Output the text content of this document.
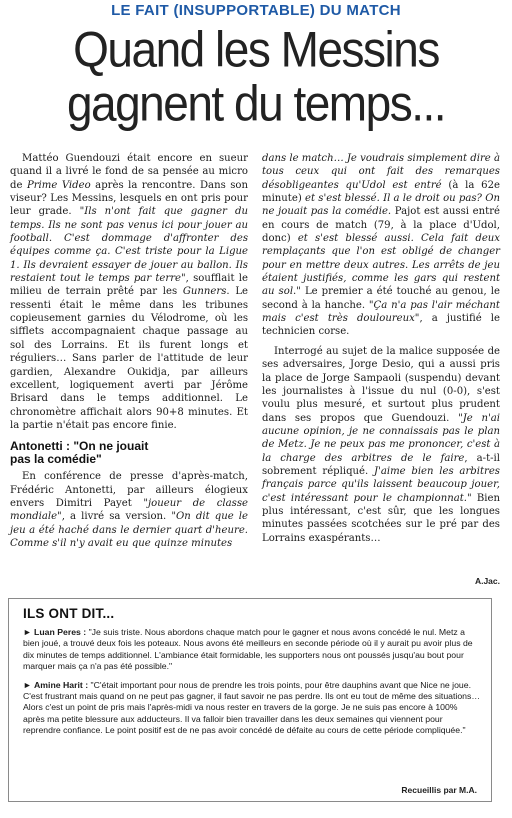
LE FAIT (INSUPPORTABLE) DU MATCH
Quand les Messins
gagnent du temps...

Mattéo Guendouzi était encore en sueur quand il a livré le fond de sa pensée au micro de Prime Video après la rencontre. Dans son viseur? Les Messins, lesquels en ont pris pour leur grade. "Ils n'ont fait que gagner du temps. Ils ne sont pas venus ici pour jouer au football. C'est dommage d'affronter des équipes comme ça. C'est triste pour la Ligue 1. Ils devraient essayer de jouer au ballon. Ils restaient tout le temps par terre", soufflait le milieu de terrain prêté par les Gunners. Le ressenti était le même dans les tribunes copieusement garnies du Vélodrome, où les sifflets accompagnaient chaque passage au sol des Lorrains. Et ils furent longs et réguliers… Sans parler de l'attitude de leur gardien, Alexandre Oukidja, par ailleurs excellent, logiquement averti par Jérôme Brisard dans le temps additionnel. Le chronomètre affichait alors 90+8 minutes. Et la partie n'était pas encore finie.

Antonetti : "On ne jouait
pas la comédie"

En conférence de presse d'après-match, Frédéric Antonetti, par ailleurs élogieux envers Dimitri Payet "joueur de classe mondiale", a livré sa version. "On dit que le jeu a été haché dans le dernier quart d'heure. Comme s'il n'y avait eu que quinze minutes

dans le match… Je voudrais simplement dire à tous ceux qui ont fait des remarques désobligeantes qu'Udol est entré (à la 62e minute) et s'est blessé. Il a le droit ou pas? On ne jouait pas la comédie. Pajot est aussi entré en cours de match (79, à la place d'Udol, donc) et s'est blessé aussi. Cela fait deux remplaçants que l'on est obligé de changer pour en mettre deux autres. Les arrêts de jeu étaient justifiés, comme les gars qui restent au sol." Le premier a été touché au genou, le second à la hanche. "Ça n'a pas l'air méchant mais c'est très douloureux", a justifié le technicien corse.

Interrogé au sujet de la malice supposée de ses adversaires, Jorge Desio, qui a aussi pris la place de Jorge Sampaoli (suspendu) devant les journalistes à l'issue du nul (0-0), s'est voulu plus mesuré, et surtout plus prudent dans ses propos que Guendouzi. "Je n'ai aucune opinion, je ne connaissais pas le plan de Metz. Je ne peux pas me prononcer, c'est à la charge des arbitres de le faire, a-t-il sobrement répliqué. J'aime bien les arbitres français parce qu'ils laissent beaucoup jouer, c'est intéressant pour le championnat." Bien plus intéressant, c'est sûr, que les longues minutes passées scotchées sur le pré par des Lorrains exaspérants…

A.Jac.
ILS ONT DIT...

► Luan Peres : "Je suis triste. Nous abordons chaque match pour le gagner et nous avons concédé le nul. Metz a bien joué, a trouvé deux fois les poteaux. Nous avons été meilleurs en seconde période où il y aurait pu avoir plus de dix minutes de temps additionnel. L'ambiance était formidable, les supporters nous ont poussés jusqu'au bout pour marquer mais ça n'a pas été possible."

► Amine Harit : "C'était important pour nous de prendre les trois points, pour être dauphins avant que Nice ne joue. C'est frustrant mais quand on ne peut pas gagner, il faut savoir ne pas perdre. Ils ont eu tout de même des situations… Alors c'est un point de pris mais l'après-midi va nous rester en travers de la gorge. Je ne suis pas encore à 100% après ma petite blessure aux adducteurs. Il va falloir bien travailler dans les deux semaines qui viennent pour reprendre confiance. Le point positif est de ne pas avoir concédé de défaite au cours de cette période compliquée."

Recueillis par M.A.
